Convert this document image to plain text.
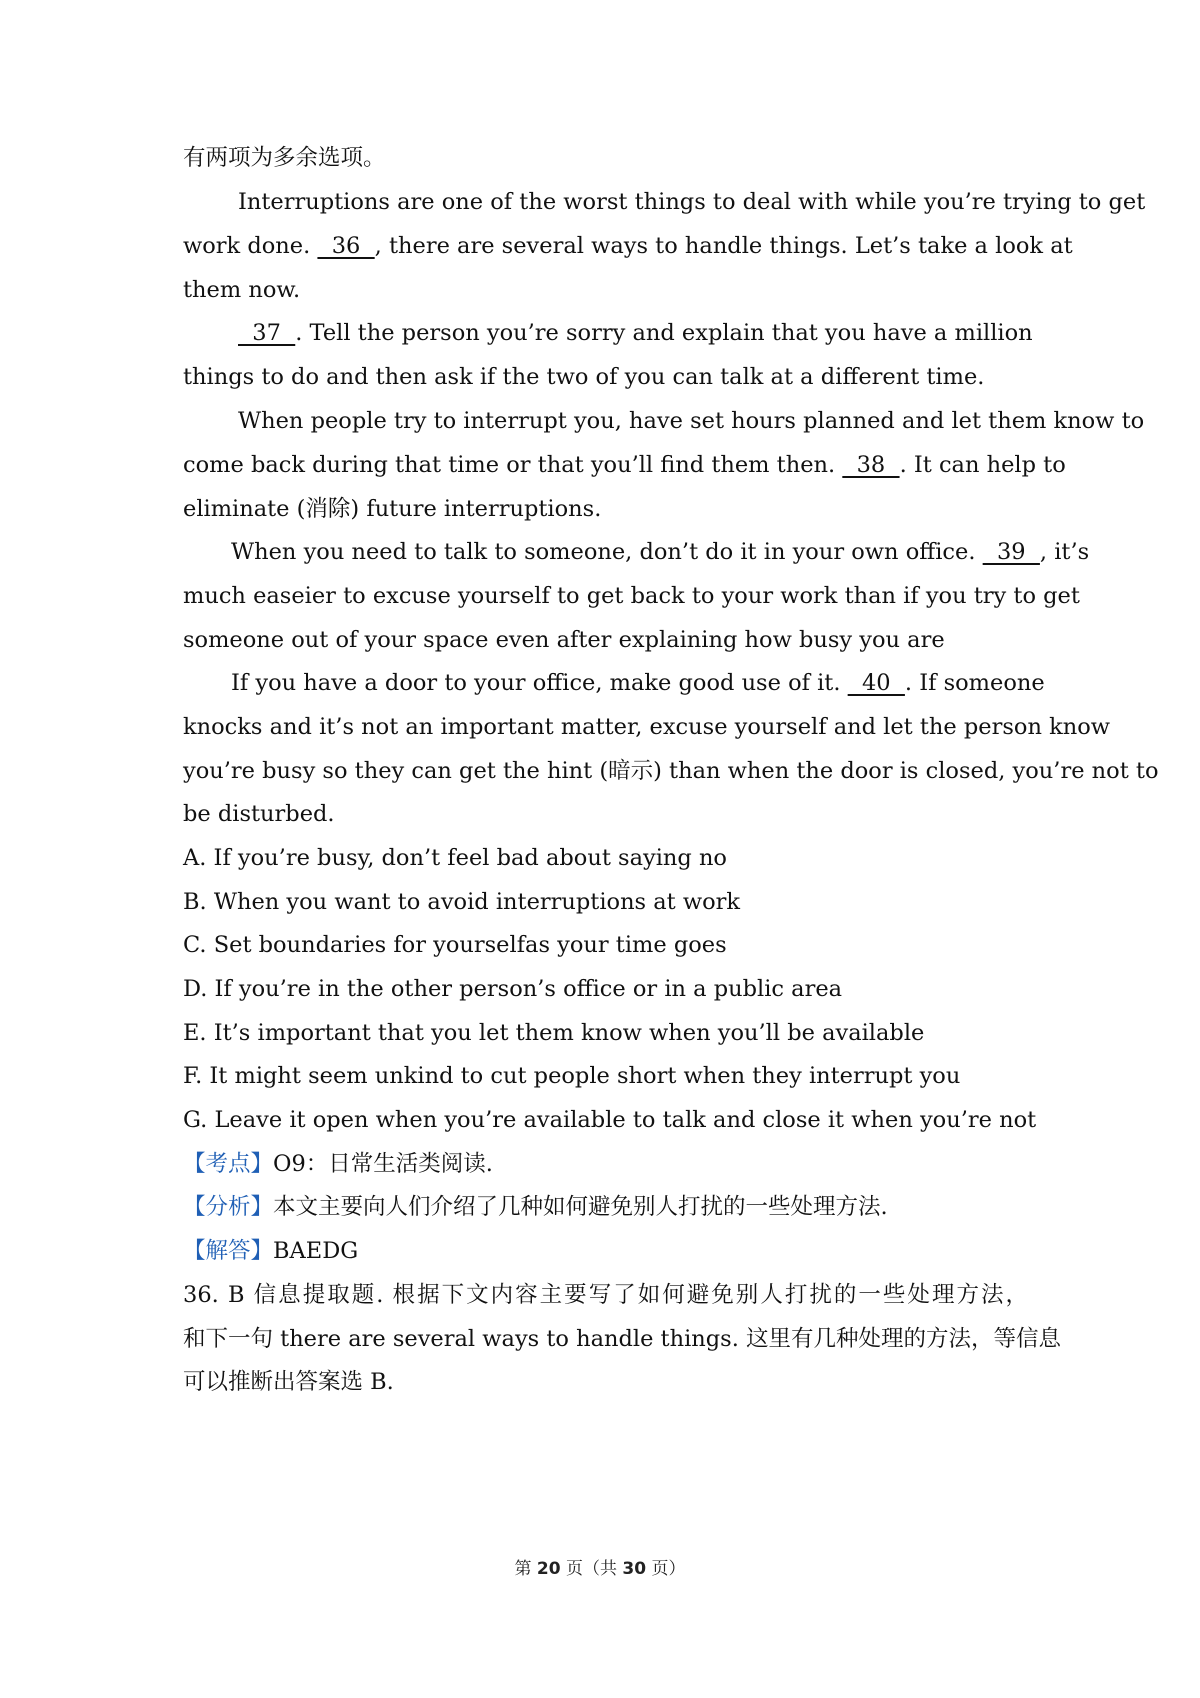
有两项为多余选项。
Interruptions are one of the worst things to deal with while you’re trying to get
work done.   36  , there are several ways to handle things. Let’s take a look at
them now.
37  . Tell the person you’re sorry and explain that you have a million
things to do and then ask if the two of you can talk at a different time.
When people try to interrupt you, have set hours planned and let them know to
come back during that time or that you’ll find them then.   38  . It can help to
eliminate (消除) future interruptions.
When you need to talk to someone, don’t do it in your own office.   39  , it’s
much easeier to excuse yourself to get back to your work than if you try to get
someone out of your space even after explaining how busy you are
If you have a door to your office, make good use of it.   40  . If someone
knocks and it’s not an important matter, excuse yourself and let the person know
you’re busy so they can get the hint (暗示) than when the door is closed, you’re not to
be disturbed.
A. If you’re busy, don’t feel bad about saying no
B. When you want to avoid interruptions at work
C. Set boundaries for yourselfas your time goes
D. If you’re in the other person’s office or in a public area
E. It’s important that you let them know when you’ll be available
F. It might seem unkind to cut people short when they interrupt you
G. Leave it open when you’re available to talk and close it when you’re not
【考点】O9：日常生活类阅读.
【分析】本文主要向人们介绍了几种如何避免别人打扰的一些处理方法.
【解答】BAEDG
36. B 信息提取题. 根据下文内容主要写了如何避免别人打扰的一些处理方法，
和下一句 there are several ways to handle things. 这里有几种处理的方法，等信息
可以推断出答案选 B.
第 20 页（共 30 页）
